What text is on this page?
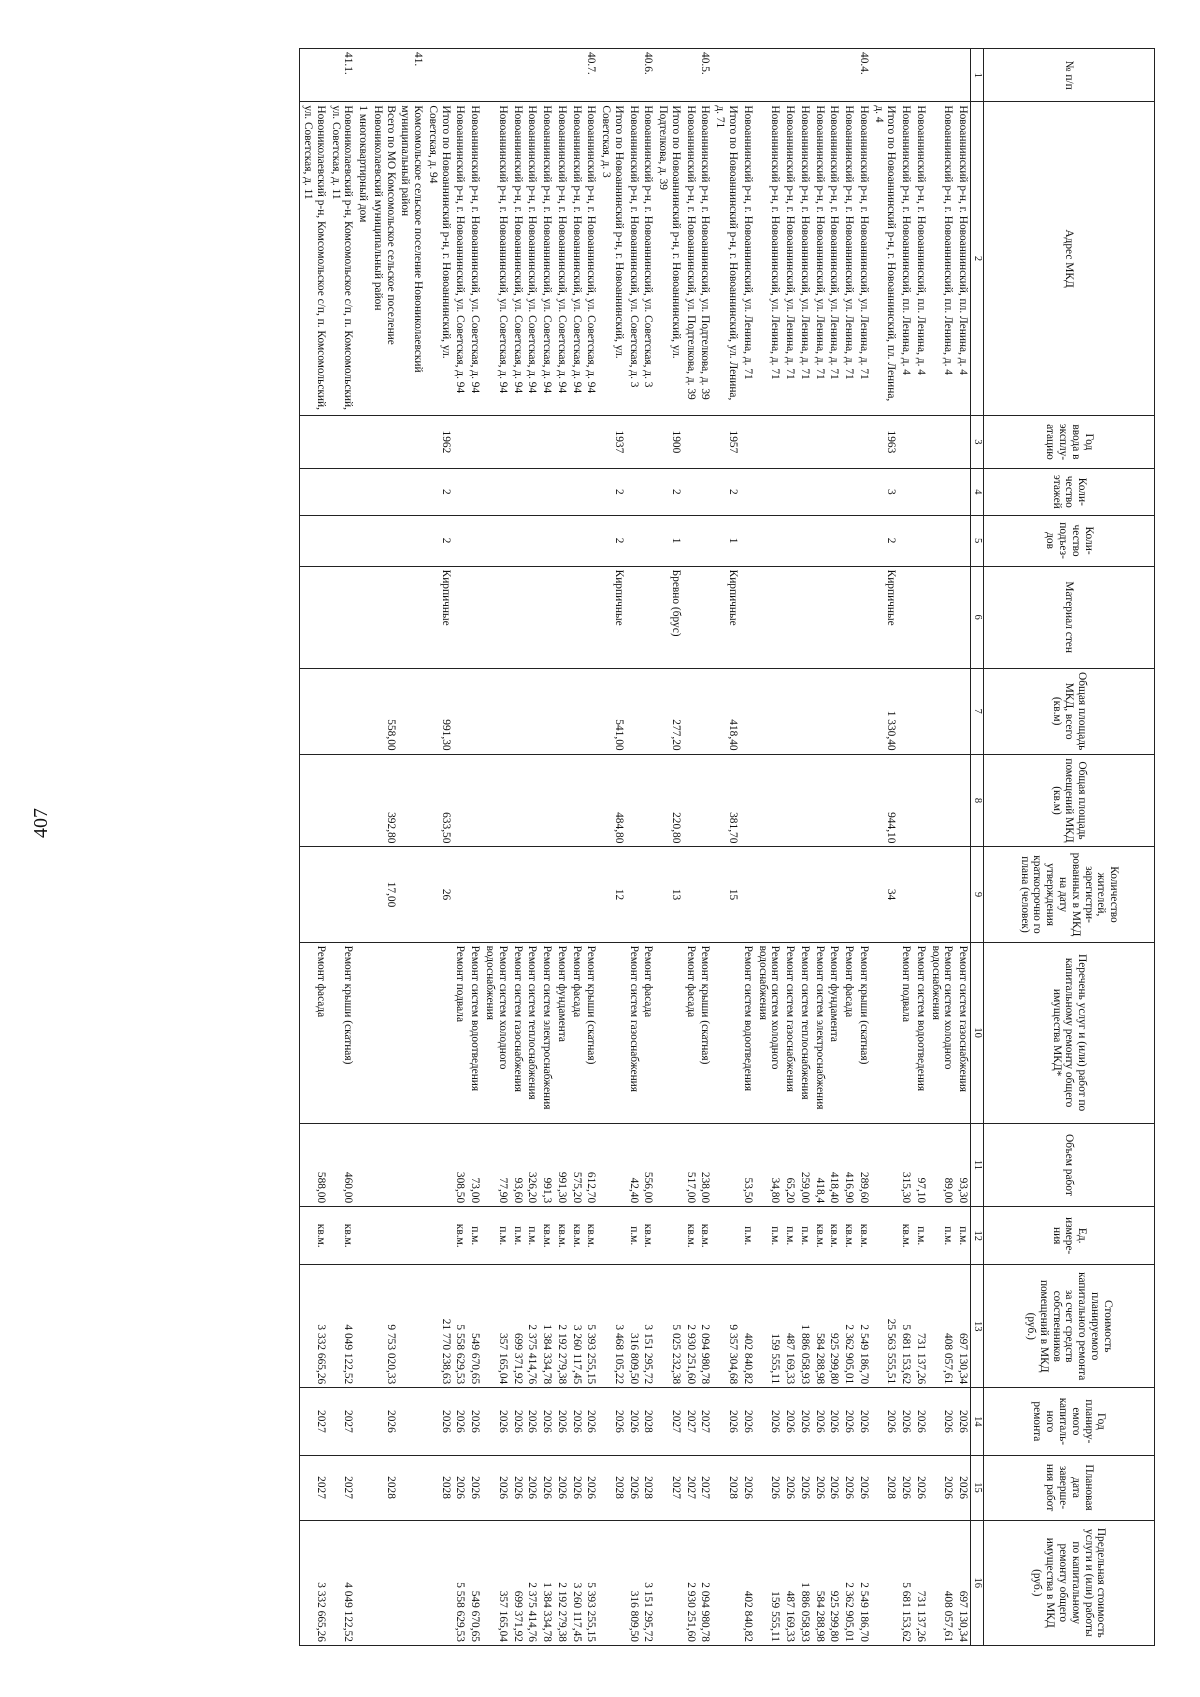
407
№ п/п	Адрес МКД	Год ввода в эксплу-атацию	Коли-чество этажей	Коли-чество подъез-дов	Материал стен	Общая площадь МКД, всего (кв.м)	Общая площадь помещений МКД (кв.м)	Количество жителей, зарегистри-рованных в МКД на дату утверждения краткосрочно го плана (человек)	Перечень услуг и (или) работ по капитальному ремонту общего имущества МКД*	Объем работ	Ед. измере-ния	Стоимость планируемого капитального ремонта за счет средств собственников помещений в МКД (руб.)	Год планиру-емого капиталь-ного ремонта	Плановая дата заверше-ния работ	Предельная стоимость услуги и (или) работы по капитальному ремонту общего имущества в МКД (руб.)
1	2	3	4	5	6	7	8	9	10	11	12	13	14	15	16
	Новоаннинский р-н, г. Новоаннинский, пл. Ленина, д. 4								Ремонт систем газоснабжения	93,30	п.м.	697 130,34	2026	2026	697 130,34
	Новоаннинский р-н, г. Новоаннинский, пл. Ленина, д. 4								Ремонт систем холодного водоснабжения	89,00	п.м.	408 057,61	2026	2026	408 057,61
	Новоаннинский р-н, г. Новоаннинский, пл. Ленина, д. 4								Ремонт систем водоотведения	97,10	п.м.	731 137,26	2026	2026	731 137,26
	Новоаннинский р-н, г. Новоаннинский, пл. Ленина, д. 4								Ремонт подвала	315,30	кв.м.	5 681 153,62	2026	2026	5 681 153,62
	Итого по Новоаннинский р-н, г. Новоаннинский, пл. Ленина, д. 4	1963	3	2	Кирпичные	1 330,40	944,10	34				25 563 555,51	2026	2028	
40.4.	Новоаннинский р-н, г. Новоаннинский, ул. Ленина, д. 71								Ремонт крыши (скатная)	289,60	кв.м.	2 549 186,70	2026	2026	2 549 186,70
	Новоаннинский р-н, г. Новоаннинский, ул. Ленина, д. 71								Ремонт фасада	416,90	кв.м.	2 362 905,01	2026	2026	2 362 905,01
	Новоаннинский р-н, г. Новоаннинский, ул. Ленина, д. 71								Ремонт фундамента	418,40	кв.м.	925 299,80	2026	2026	925 299,80
	Новоаннинский р-н, г. Новоаннинский, ул. Ленина, д. 71								Ремонт систем электроснабжения	418,4	кв.м.	584 288,98	2026	2026	584 288,98
	Новоаннинский р-н, г. Новоаннинский, ул. Ленина, д. 71								Ремонт систем теплоснабжения	259,00	п.м.	1 886 058,93	2026	2026	1 886 058,93
	Новоаннинский р-н, г. Новоаннинский, ул. Ленина, д. 71								Ремонт систем газоснабжения	65,20	п.м.	487 169,33	2026	2026	487 169,33
	Новоаннинский р-н, г. Новоаннинский, ул. Ленина, д. 71								Ремонт систем холодного водоснабжения	34,80	п.м.	159 555,11	2026	2026	159 555,11
	Новоаннинский р-н, г. Новоаннинский, ул. Ленина, д. 71								Ремонт систем водоотведения	53,50	п.м.	402 840,82	2026	2026	402 840,82
	Итого по Новоаннинский р-н, г. Новоаннинский, ул. Ленина, д. 71	1957	2	1	Кирпичные	418,40	381,70	15				9 357 304,68	2026	2028	
40.5.	Новоаннинский р-н, г. Новоаннинский, ул. Подтелкова, д. 39								Ремонт крыши (скатная)	238,00	кв.м.	2 094 980,78	2027	2027	2 094 980,78
	Новоаннинский р-н, г. Новоаннинский, ул. Подтелкова, д. 39								Ремонт фасада	517,00	кв.м.	2 930 251,60	2027	2027	2 930 251,60
	Итого по Новоаннинский р-н, г. Новоаннинский, ул. Подтелкова, д. 39	1900	2	1	Бревно (брус)	277,20	220,80	13				5 025 232,38	2027	2027	
40.6.	Новоаннинский р-н, г. Новоаннинский, ул. Советская, д. 3								Ремонт фасада	556,00	кв.м.	3 151 295,72	2028	2028	3 151 295,72
	Новоаннинский р-н, г. Новоаннинский, ул. Советская, д. 3								Ремонт систем газоснабжения	42,40	п.м.	316 809,50	2026	2026	316 809,50
	Итого по Новоаннинский р-н, г. Новоаннинский, ул. Советская, д. 3	1937	2	2	Кирпичные	541,00	484,80	12				3 468 105,22	2026	2028	
40.7.	Новоаннинский р-н, г. Новоаннинский, ул. Советская, д. 94								Ремонт крыши (скатная)	612,70	кв.м.	5 393 255,15	2026	2026	5 393 255,15
	Новоаннинский р-н, г. Новоаннинский, ул. Советская, д. 94								Ремонт фасада	575,20	кв.м.	3 260 117,45	2026	2026	3 260 117,45
	Новоаннинский р-н, г. Новоаннинский, ул. Советская, д. 94								Ремонт фундамента	991,30	кв.м.	2 192 279,38	2026	2026	2 192 279,38
	Новоаннинский р-н, г. Новоаннинский, ул. Советская, д. 94								Ремонт систем электроснабжения	991,3	кв.м.	1 384 334,78	2026	2026	1 384 334,78
	Новоаннинский р-н, г. Новоаннинский, ул. Советская, д. 94								Ремонт систем теплоснабжения	326,20	п.м.	2 375 414,76	2026	2026	2 375 414,76
	Новоаннинский р-н, г. Новоаннинский, ул. Советская, д. 94								Ремонт систем газоснабжения	93,60	п.м.	699 371,92	2026	2026	699 371,92
	Новоаннинский р-н, г. Новоаннинский, ул. Советская, д. 94								Ремонт систем холодного водоснабжения	77,90	п.м.	357 165,04	2026	2026	357 165,04
	Новоаннинский р-н, г. Новоаннинский, ул. Советская, д. 94								Ремонт систем водоотведения	73,00	п.м.	549 670,65	2026	2026	549 670,65
	Новоаннинский р-н, г. Новоаннинский, ул. Советская, д. 94								Ремонт подвала	308,50	кв.м.	5 558 629,53	2026	2026	5 558 629,53
	Итого по Новоаннинский р-н, г. Новоаннинский, ул. Советская, д. 94	1962	2	2	Кирпичные	991,30	633,50	26				21 770 238,63	2026	2028	
41.	Комсомольское сельское поселение Новониколаевский муниципальный район														
	Всего по МО Комсомольское сельское поселение Новониколаевский муниципальный район					558,00	392,80	17,00				9 753 020,33	2026	2028	
	1 многоквартирный дом														
41.1.	Новониколаевский р-н, Комсомольское с/п, п. Комсомольский, ул. Советская, д. 11								Ремонт крыши (скатная)	460,00	кв.м.	4 049 122,52	2027	2027	4 049 122,52
	Новониколаевский р-н, Комсомольское с/п, п. Комсомольский, ул. Советская, д. 11								Ремонт фасада	588,00	кв.м.	3 332 665,26	2027	2027	3 332 665,26
